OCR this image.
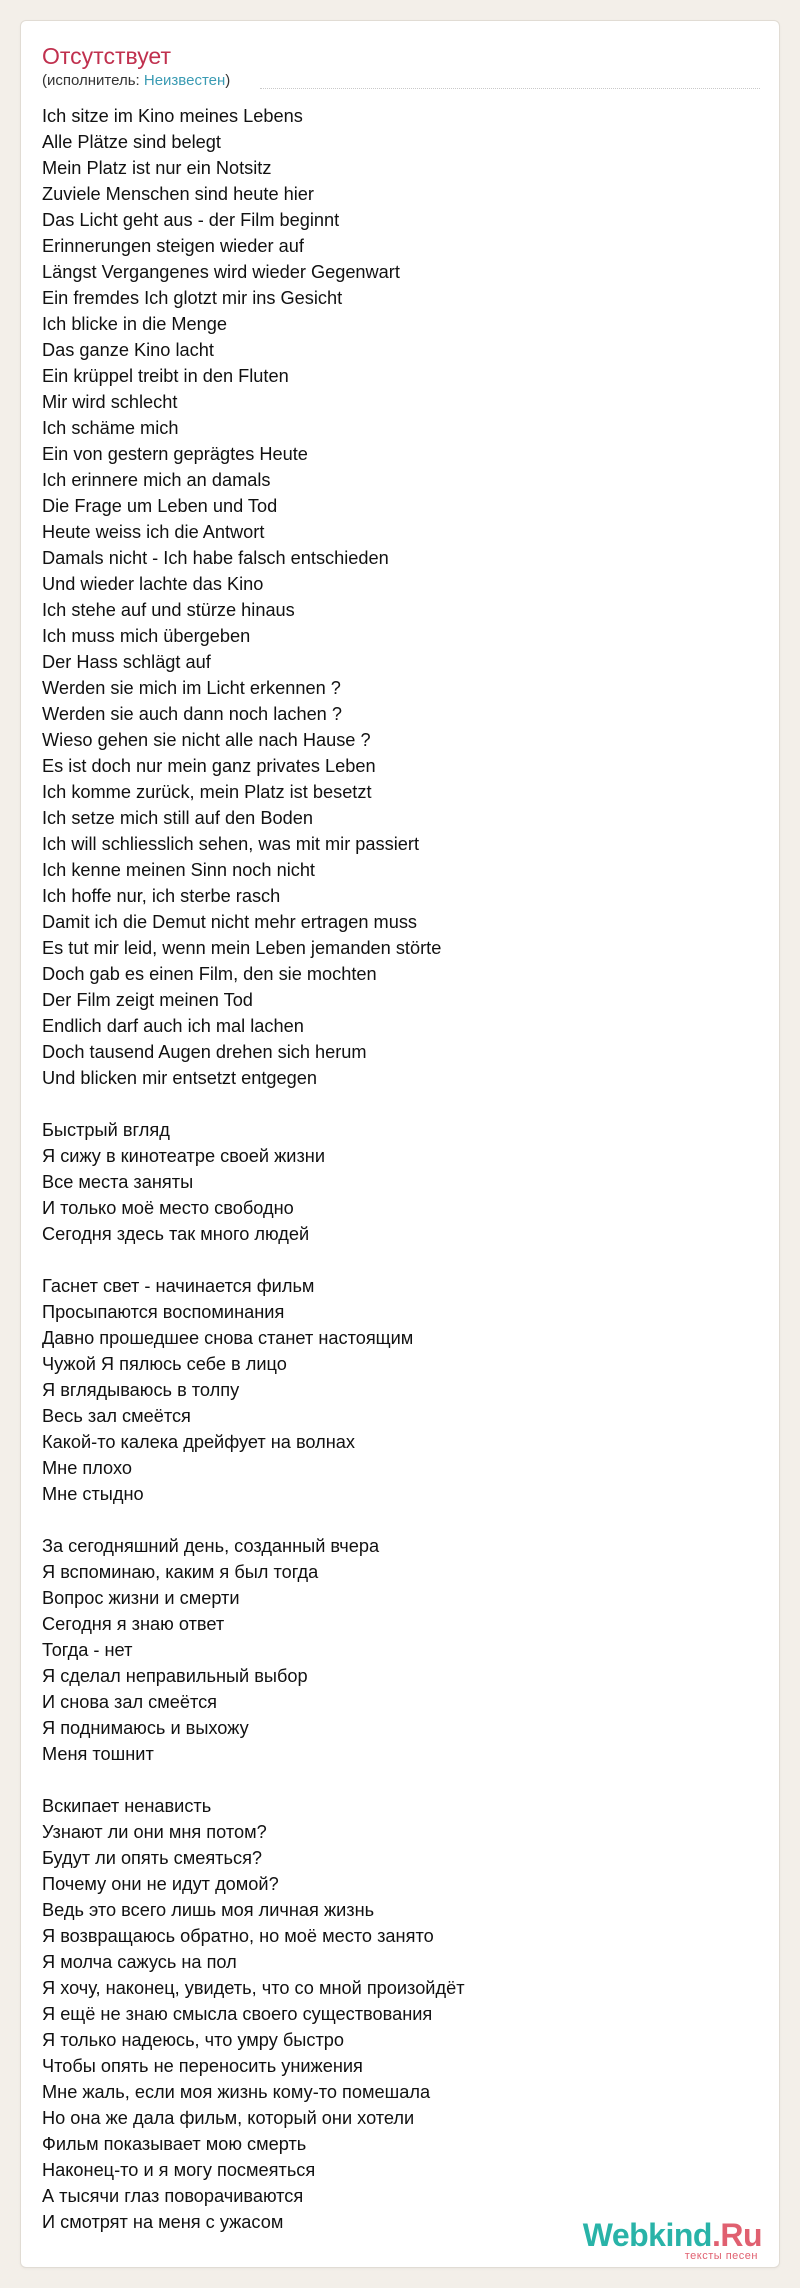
Отсутствует
(исполнитель: Неизвестен)
Ich sitze im Kino meines Lebens
Alle Plätze sind belegt
Mein Platz ist nur ein Notsitz
Zuviele Menschen sind heute hier
Das Licht geht aus - der Film beginnt
Erinnerungen steigen wieder auf
Längst Vergangenes wird wieder Gegenwart
Ein fremdes Ich glotzt mir ins Gesicht
Ich blicke in die Menge
Das ganze Kino lacht
Ein krüppel treibt in den Fluten
Mir wird schlecht
Ich schäme mich
Ein von gestern geprägtes Heute
Ich erinnere mich an damals
Die Frage um Leben und Tod
Heute weiss ich die Antwort
Damals nicht - Ich habe falsch entschieden
Und wieder lachte das Kino
Ich stehe auf und stürze hinaus
Ich muss mich übergeben
Der Hass schlägt auf
Werden sie mich im Licht erkennen ?
Werden sie auch dann noch lachen ?
Wieso gehen sie nicht alle nach Hause ?
Es ist doch nur mein ganz privates Leben
Ich komme zurück, mein Platz ist besetzt
Ich setze mich still auf den Boden
Ich will schliesslich sehen, was mit mir passiert
Ich kenne meinen Sinn noch nicht
Ich hoffe nur, ich sterbe rasch
Damit ich die Demut nicht mehr ertragen muss
Es tut mir leid, wenn mein Leben jemanden störte
Doch gab es einen Film, den sie mochten
Der Film zeigt meinen Tod
Endlich darf auch ich mal lachen
Doch tausend Augen drehen sich herum
Und blicken mir entsetzt entgegen
Быстрый вгляд
Я сижу в кинотеатре своей жизни
Все места заняты
И только моё место свободно
Сегодня здесь так много людей
Гаснет свет - начинается фильм
Просыпаются воспоминания
Давно прошедшее снова станет настоящим
Чужой Я пялюсь себе в лицо
Я вглядываюсь в толпу
Весь зал смеётся
Какой-то калека дрейфует на волнах
Мне плохо
Мне стыдно
За сегодняшний день, созданный вчера
Я вспоминаю, каким я был тогда
Вопрос жизни и смерти
Сегодня я знаю ответ
Тогда - нет
Я сделал неправильный выбор
И снова зал смеётся
Я поднимаюсь и выхожу
Меня тошнит
Вскипает ненависть
Узнают ли они мня потом?
Будут ли опять смеяться?
Почему они не идут домой?
Ведь это всего лишь моя личная жизнь
Я возвращаюсь обратно, но моё место занято
Я молча сажусь на пол
Я хочу, наконец, увидеть, что со мной произойдёт
Я ещё не знаю смысла своего существования
Я только надеюсь, что умру быстро
Чтобы опять не переносить унижения
Мне жаль, если моя жизнь кому-то помешала
Но она же дала фильм, который они хотели
Фильм показывает мою смерть
Наконец-то и я могу посмеяться
А тысячи глаз поворачиваются
И смотрят на меня с ужасом	Webkind.Ru
тексты песен
